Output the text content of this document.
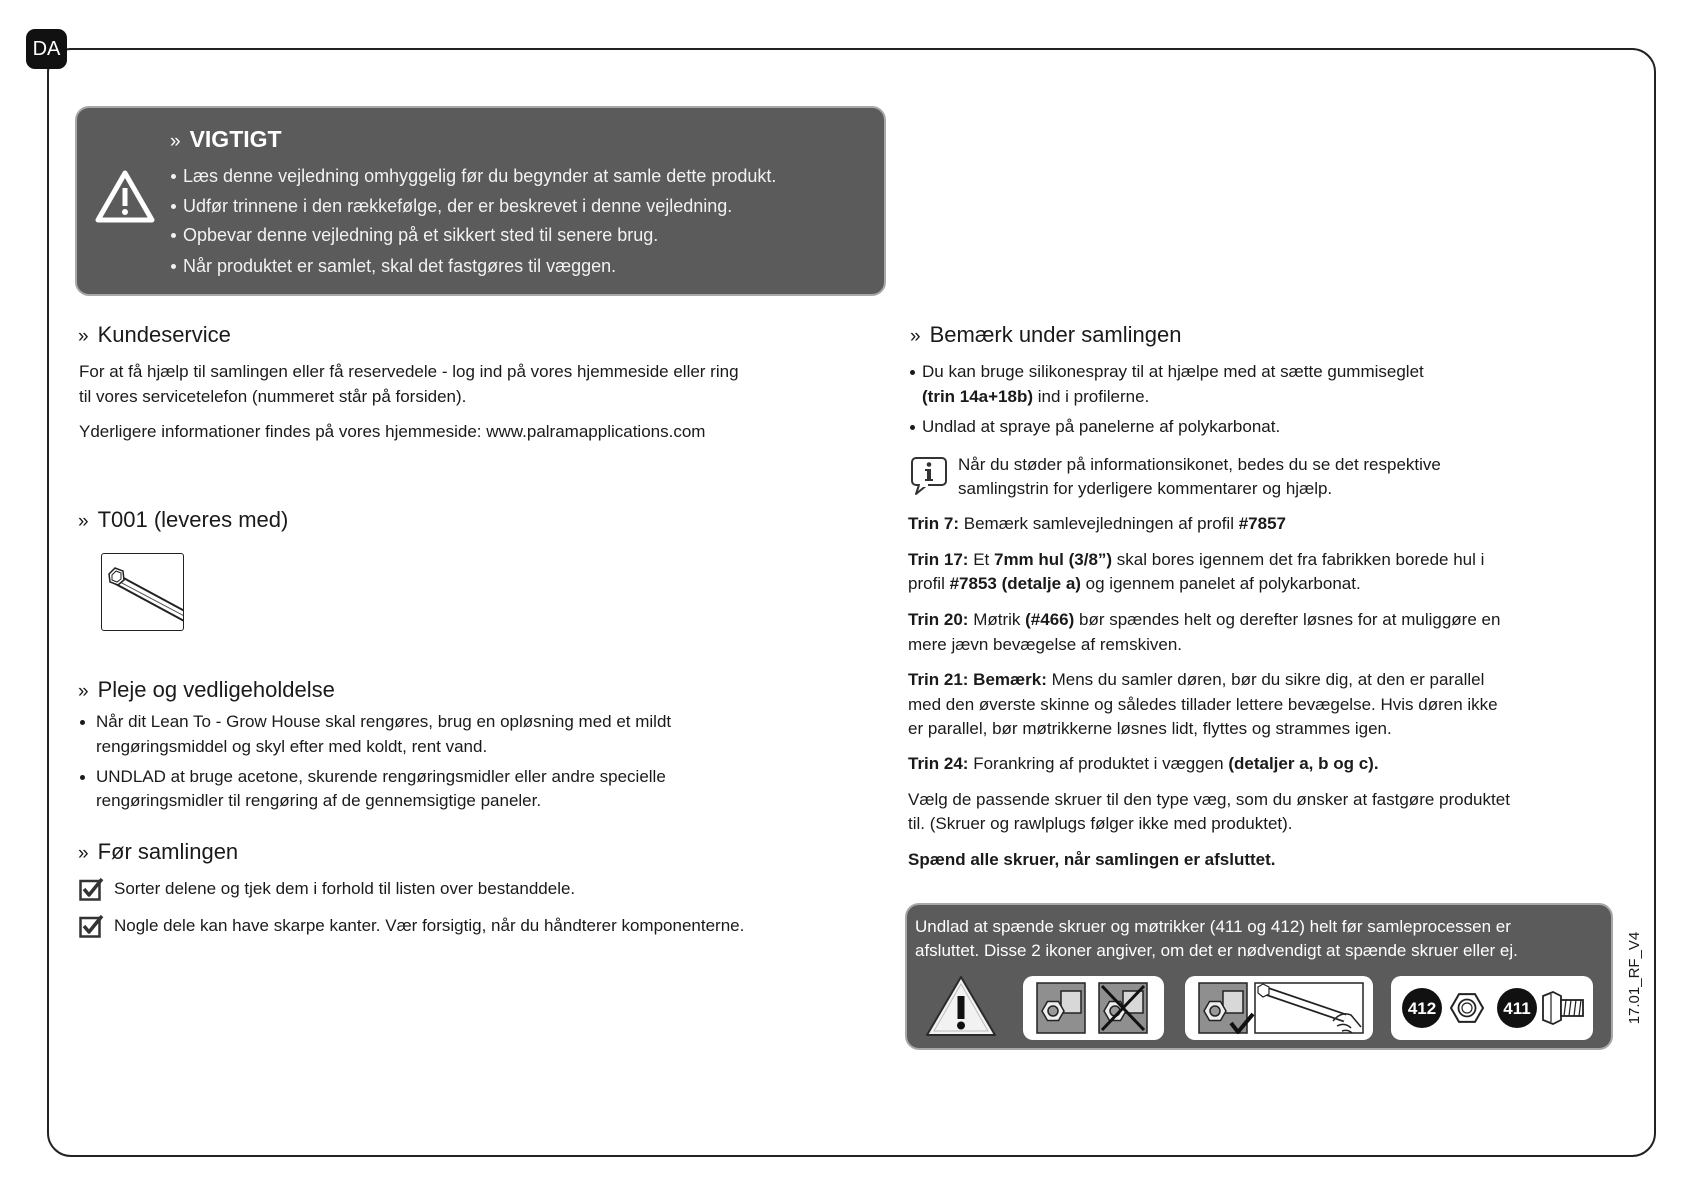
DA
» VIGTIGT
Læs denne vejledning omhyggelig før du begynder at samle dette produkt.
Udfør trinnene i den rækkefølge, der er beskrevet i denne vejledning.
Opbevar denne vejledning på et sikkert sted til senere brug.
Når produktet er samlet, skal det fastgøres til væggen.
» Kundeservice
For at få hjælp til samlingen eller få reservedele - log ind på vores hjemmeside eller ring
til vores servicetelefon (nummeret står på forsiden).
Yderligere informationer findes på vores hjemmeside: www.palramapplications.com
» T001 (leveres med)
» Pleje og vedligeholdelse
Når dit Lean To - Grow House skal rengøres, brug en opløsning med et mildt
rengøringsmiddel og skyl efter med koldt, rent vand.
UNDLAD at bruge acetone, skurende rengøringsmidler eller andre specielle
rengøringsmidler til rengøring af de gennemsigtige paneler.
» Før samlingen
Sorter delene og tjek dem i forhold til listen over bestanddele.
Nogle dele kan have skarpe kanter. Vær forsigtig, når du håndterer komponenterne.
» Bemærk under samlingen
Du kan bruge silikonespray til at hjælpe med at sætte gummiseglet
(trin 14a+18b) ind i profilerne.
Undlad at spraye på panelerne af polykarbonat.
Når du støder på informationsikonet, bedes du se det respektive
samlingstrin for yderligere kommentarer og hjælp.
Trin 7: Bemærk samlevejledningen af profil #7857
Trin 17: Et 7mm hul (3/8”) skal bores igennem det fra fabrikken borede hul i
profil #7853 (detalje a) og igennem panelet af polykarbonat.
Trin 20: Møtrik (#466) bør spændes helt og derefter løsnes for at muliggøre en
mere jævn bevægelse af remskiven.
Trin 21: Bemærk: Mens du samler døren, bør du sikre dig, at den er parallel
med den øverste skinne og således tillader lettere bevægelse. Hvis døren ikke
er parallel, bør møtrikkerne løsnes lidt, flyttes og strammes igen.
Trin 24: Forankring af produktet i væggen (detaljer a, b og c).
Vælg de passende skruer til den type væg, som du ønsker at fastgøre produktet
til. (Skruer og rawlplugs følger ikke med produktet).
Spænd alle skruer, når samlingen er afsluttet.
Undlad at spænde skruer og møtrikker (411 og 412) helt før samleprocessen er
afsluttet. Disse 2 ikoner angiver, om det er nødvendigt at spænde skruer eller ej.
412	411	17.01_RF_V4
